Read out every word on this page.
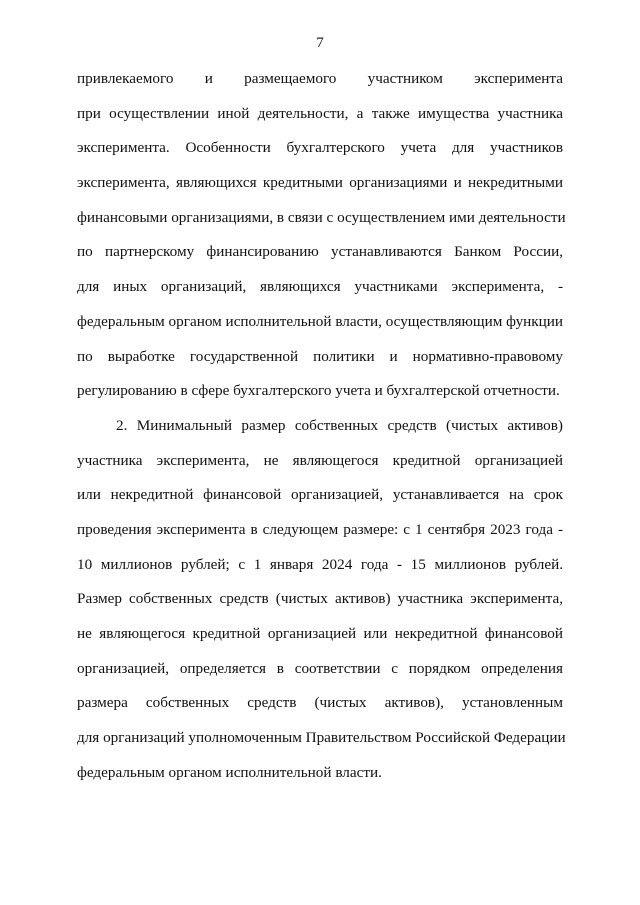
7
привлекаемого и размещаемого участником эксперимента
при осуществлении иной деятельности, а также имущества участника
эксперимента. Особенности бухгалтерского учета для участников
эксперимента, являющихся кредитными организациями и некредитными
финансовыми организациями, в связи с осуществлением ими деятельности
по партнерскому финансированию устанавливаются Банком России,
для иных организаций, являющихся участниками эксперимента, -
федеральным органом исполнительной власти, осуществляющим функции
по выработке государственной политики и нормативно-правовому
регулированию в сфере бухгалтерского учета и бухгалтерской отчетности.
2. Минимальный размер собственных средств (чистых активов)
участника эксперимента, не являющегося кредитной организацией
или некредитной финансовой организацией, устанавливается на срок
проведения эксперимента в следующем размере: с 1 сентября 2023 года -
10 миллионов рублей; с 1 января 2024 года - 15 миллионов рублей.
Размер собственных средств (чистых активов) участника эксперимента,
не являющегося кредитной организацией или некредитной финансовой
организацией, определяется в соответствии с порядком определения
размера собственных средств (чистых активов), установленным
для организаций уполномоченным Правительством Российской Федерации
федеральным органом исполнительной власти.
